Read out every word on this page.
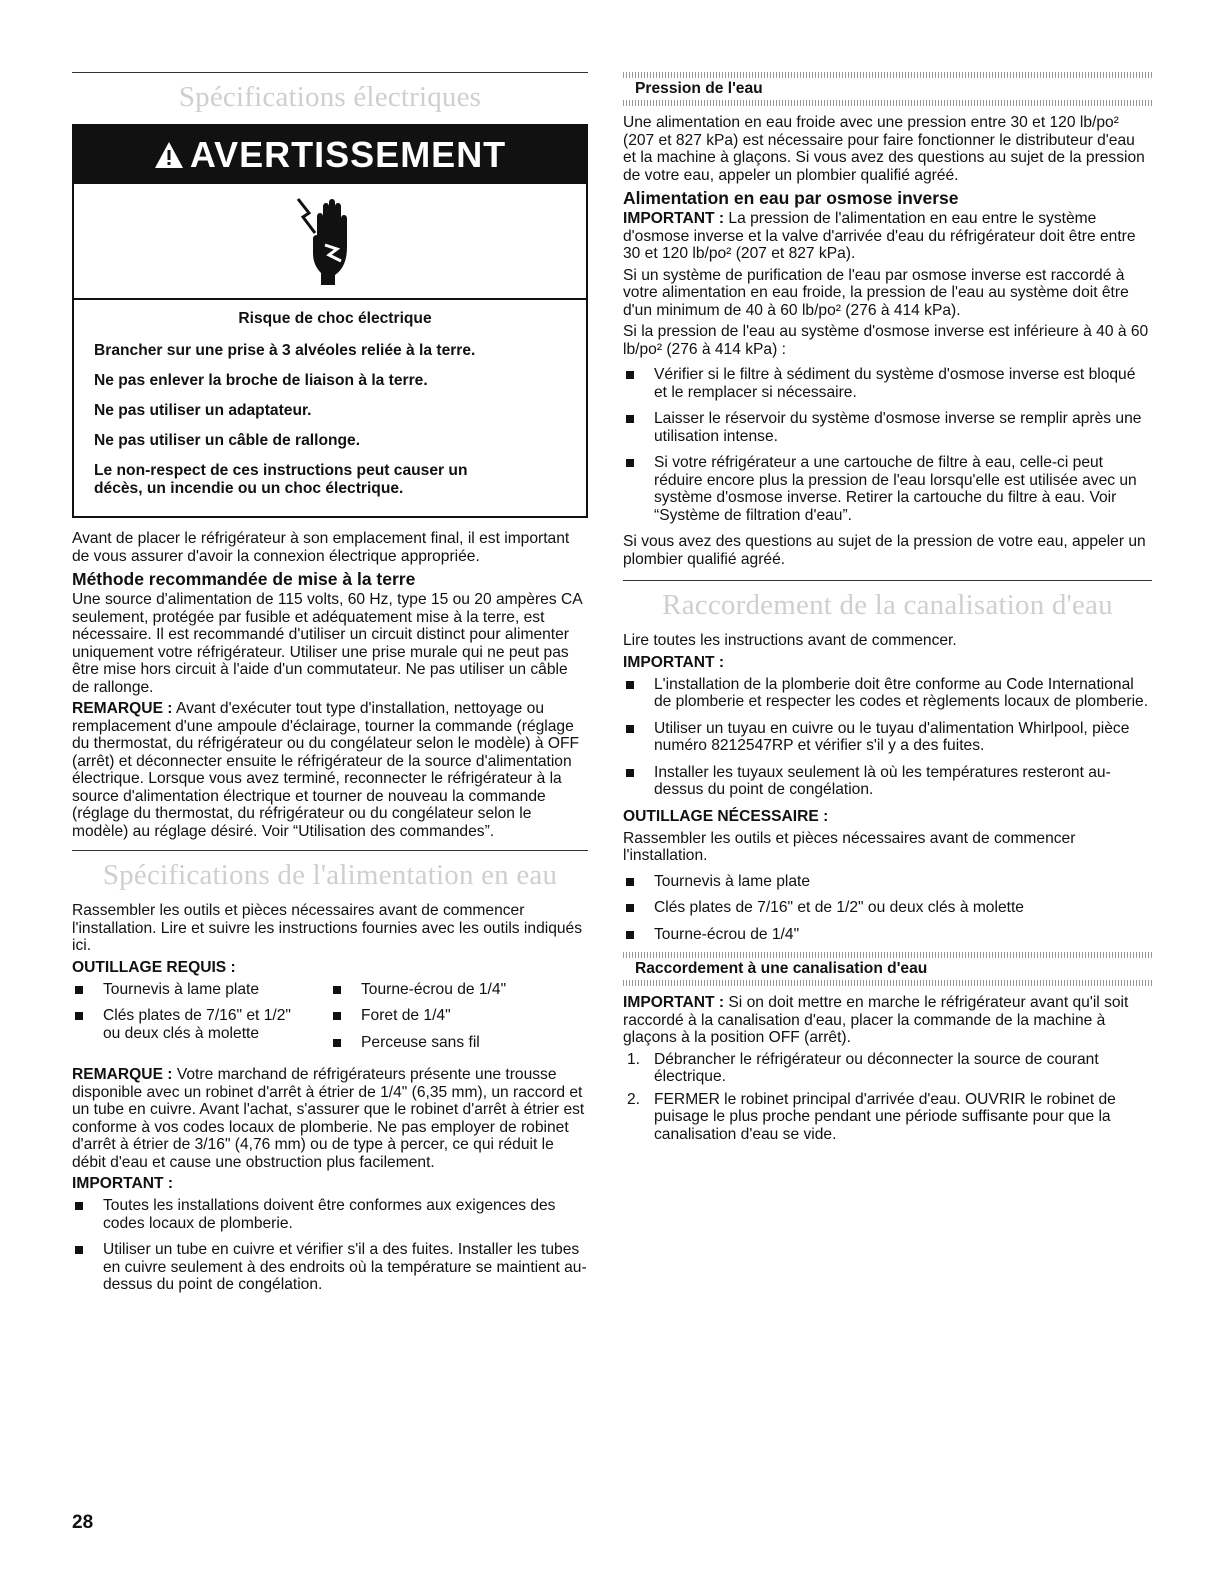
Spécifications électriques
AVERTISSEMENT

Risque de choc électrique

Brancher sur une prise à 3 alvéoles reliée à la terre.

Ne pas enlever la broche de liaison à la terre.

Ne pas utiliser un adaptateur.

Ne pas utiliser un câble de rallonge.

Le non-respect de ces instructions peut causer un décès, un incendie ou un choc électrique.

Avant de placer le réfrigérateur à son emplacement final, il est important de vous assurer d'avoir la connexion électrique appropriée.

Méthode recommandée de mise à la terre

Une source d'alimentation de 115 volts, 60 Hz, type 15 ou 20 ampères CA seulement, protégée par fusible et adéquatement mise à la terre, est nécessaire. Il est recommandé d'utiliser un circuit distinct pour alimenter uniquement votre réfrigérateur. Utiliser une prise murale qui ne peut pas être mise hors circuit à l'aide d'un commutateur. Ne pas utiliser un câble de rallonge.

REMARQUE : Avant d'exécuter tout type d'installation, nettoyage ou remplacement d'une ampoule d'éclairage, tourner la commande (réglage du thermostat, du réfrigérateur ou du congélateur selon le modèle) à OFF (arrêt) et déconnecter ensuite le réfrigérateur de la source d'alimentation électrique. Lorsque vous avez terminé, reconnecter le réfrigérateur à la source d'alimentation électrique et tourner de nouveau la commande (réglage du thermostat, du réfrigérateur ou du congélateur selon le modèle) au réglage désiré. Voir “Utilisation des commandes”.

Spécifications de l'alimentation en eau

Rassembler les outils et pièces nécessaires avant de commencer l'installation. Lire et suivre les instructions fournies avec les outils indiqués ici.

OUTILLAGE REQUIS :
Tournevis à lame plate
Clés plates de 7/16" et 1/2" ou deux clés à molette
Tourne-écrou de 1/4"
Foret de 1/4"
Perceuse sans fil

REMARQUE : Votre marchand de réfrigérateurs présente une trousse disponible avec un robinet d'arrêt à étrier de 1/4" (6,35 mm), un raccord et un tube en cuivre. Avant l'achat, s'assurer que le robinet d'arrêt à étrier est conforme à vos codes locaux de plomberie. Ne pas employer de robinet d'arrêt à étrier de 3/16" (4,76 mm) ou de type à percer, ce qui réduit le débit d'eau et cause une obstruction plus facilement.

IMPORTANT :
Toutes les installations doivent être conformes aux exigences des codes locaux de plomberie.
Utiliser un tube en cuivre et vérifier s'il a des fuites. Installer les tubes en cuivre seulement à des endroits où la température se maintient au-dessus du point de congélation.
Pression de l'eau

Une alimentation en eau froide avec une pression entre 30 et 120 lb/po² (207 et 827 kPa) est nécessaire pour faire fonctionner le distributeur d'eau et la machine à glaçons. Si vous avez des questions au sujet de la pression de votre eau, appeler un plombier qualifié agréé.

Alimentation en eau par osmose inverse

IMPORTANT : La pression de l'alimentation en eau entre le système d'osmose inverse et la valve d'arrivée d'eau du réfrigérateur doit être entre 30 et 120 lb/po² (207 et 827 kPa).

Si un système de purification de l'eau par osmose inverse est raccordé à votre alimentation en eau froide, la pression de l'eau au système doit être d'un minimum de 40 à 60 lb/po² (276 à 414 kPa).

Si la pression de l'eau au système d'osmose inverse est inférieure à 40 à 60 lb/po² (276 à 414 kPa) :

Vérifier si le filtre à sédiment du système d'osmose inverse est bloqué et le remplacer si nécessaire.
Laisser le réservoir du système d'osmose inverse se remplir après une utilisation intense.
Si votre réfrigérateur a une cartouche de filtre à eau, celle-ci peut réduire encore plus la pression de l'eau lorsqu'elle est utilisée avec un système d'osmose inverse. Retirer la cartouche du filtre à eau. Voir “Système de filtration d'eau”.

Si vous avez des questions au sujet de la pression de votre eau, appeler un plombier qualifié agréé.

Raccordement de la canalisation d'eau

Lire toutes les instructions avant de commencer.

IMPORTANT :
L'installation de la plomberie doit être conforme au Code International de plomberie et respecter les codes et règlements locaux de plomberie.
Utiliser un tuyau en cuivre ou le tuyau d'alimentation Whirlpool, pièce numéro 8212547RP et vérifier s'il y a des fuites.
Installer les tuyaux seulement là où les températures resteront au-dessus du point de congélation.
OUTILLAGE NÉCESSAIRE :

Rassembler les outils et pièces nécessaires avant de commencer l'installation.

Tournevis à lame plate
Clés plates de 7/16" et de 1/2" ou deux clés à molette
Tourne-écrou de 1/4"
Raccordement à une canalisation d'eau

IMPORTANT : Si on doit mettre en marche le réfrigérateur avant qu'il soit raccordé à la canalisation d'eau, placer la commande de la machine à glaçons à la position OFF (arrêt).

1. Débrancher le réfrigérateur ou déconnecter la source de courant électrique.
2. FERMER le robinet principal d'arrivée d'eau. OUVRIR le robinet de puisage le plus proche pendant une période suffisante pour que la canalisation d'eau se vide.
28
